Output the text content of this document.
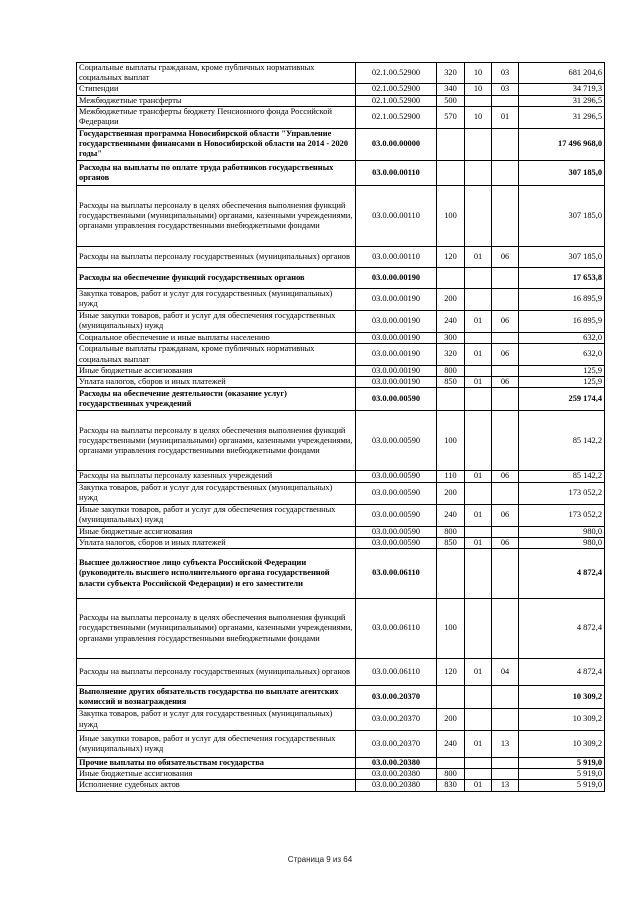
Социальные выплаты гражданам, кроме публичных нормативных социальных выплат	02.1.00.52900	320	10	03	681 204,6
Стипендии	02.1.00.52900	340	10	03	34 719,3
Межбюджетные трансферты	02.1.00.52900	500			31 296,5
Межбюджетные трансферты бюджету Пенсионного фонда Российской Федерации	02.1.00.52900	570	10	01	31 296,5
Государственная программа Новосибирской области "Управление государственными финансами в Новосибирской области на 2014 - 2020 годы"	03.0.00.00000				17 496 968,0
Расходы на выплаты по оплате труда работников государственных органов	03.0.00.00110				307 185,0
Расходы на выплаты персоналу в целях обеспечения выполнения функций государственными (муниципальными) органами, казенными учреждениями, органами управления государственными внебюджетными фондами	03.0.00.00110	100			307 185,0
Расходы на выплаты персоналу государственных (муниципальных) органов	03.0.00.00110	120	01	06	307 185,0
Расходы на обеспечение функций государственных органов	03.0.00.00190				17 653,8
Закупка товаров, работ и услуг для государственных (муниципальных) нужд	03.0.00.00190	200			16 895,9
Иные закупки товаров, работ и услуг для обеспечения государственных (муниципальных) нужд	03.0.00.00190	240	01	06	16 895,9
Социальное обеспечение и иные выплаты населению	03.0.00.00190	300			632,0
Социальные выплаты гражданам, кроме публичных нормативных социальных выплат	03.0.00.00190	320	01	06	632,0
Иные бюджетные ассигнования	03.0.00.00190	800			125,9
Уплата налогов, сборов и иных платежей	03.0.00.00190	850	01	06	125,9
Расходы на обеспечение деятельности (оказание услуг) государственных учреждений	03.0.00.00590				259 174,4
Расходы на выплаты персоналу в целях обеспечения выполнения функций государственными (муниципальными) органами, казенными учреждениями, органами управления государственными внебюджетными фондами	03.0.00.00590	100			85 142,2
Расходы на выплаты персоналу казенных учреждений	03.0.00.00590	110	01	06	85 142,2
Закупка товаров, работ и услуг для государственных (муниципальных) нужд	03.0.00.00590	200			173 052,2
Иные закупки товаров, работ и услуг для обеспечения государственных (муниципальных) нужд	03.0.00.00590	240	01	06	173 052,2
Иные бюджетные ассигнования	03.0.00.00590	800			980,0
Уплата налогов, сборов и иных платежей	03.0.00.00590	850	01	06	980,0
Высшее должностное лицо субъекта Российской Федерации (руководитель высшего исполнительного органа государственной власти субъекта Российской Федерации) и его заместители	03.0.00.06110				4 872,4
Расходы на выплаты персоналу в целях обеспечения выполнения функций государственными (муниципальными) органами, казенными учреждениями, органами управления государственными внебюджетными фондами	03.0.00.06110	100			4 872,4
Расходы на выплаты персоналу государственных (муниципальных) органов	03.0.00.06110	120	01	04	4 872,4
Выполнение других обязательств государства по выплате агентских комиссий и вознаграждения	03.0.00.20370				10 309,2
Закупка товаров, работ и услуг для государственных (муниципальных) нужд	03.0.00.20370	200			10 309,2
Иные закупки товаров, работ и услуг для обеспечения государственных (муниципальных) нужд	03.0.00.20370	240	01	13	10 309,2
Прочие выплаты по обязательствам государства	03.0.00.20380				5 919,0
Иные бюджетные ассигнования	03.0.00.20380	800			5 919,0
Исполнение судебных актов	03.0.00.20380	830	01	13	5 919,0
Страница 9 из 64
